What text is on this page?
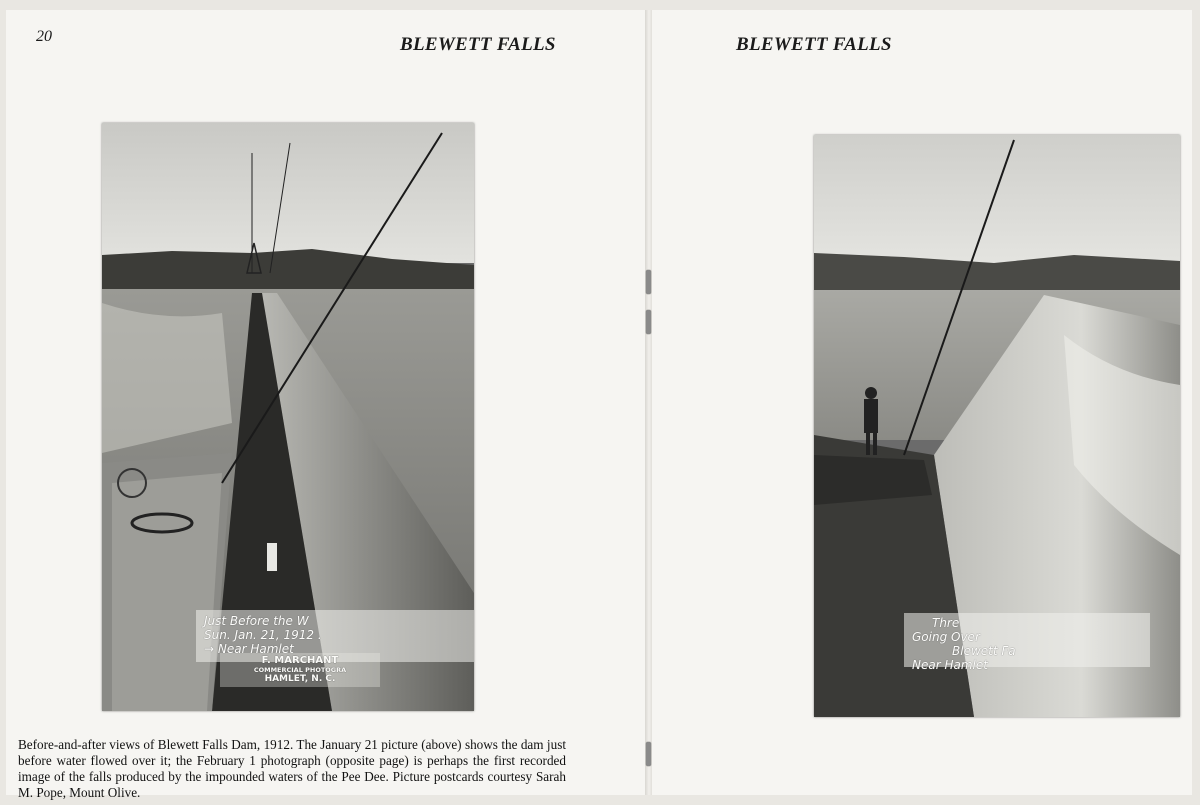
20	BLEWETT FALLS
Just Before the W
Sun. Jan. 21, 1912 .
→ Near Hamlet
F. MARCHANT
COMMERCIAL PHOTOGRA
HAMLET, N. C.

Before-and-after views of Blewett Falls Dam, 1912. The January 21 picture (above) shows the dam just before water flowed over it; the February 1 photograph (opposite page) is perhaps the first recorded image of the falls produced by the impounded waters of the Pee Dee. Picture postcards courtesy Sarah M. Pope, Mount Olive.

BLEWETT FALLS
Thre
Going Over
Blewett Fa
Near Hamlet
